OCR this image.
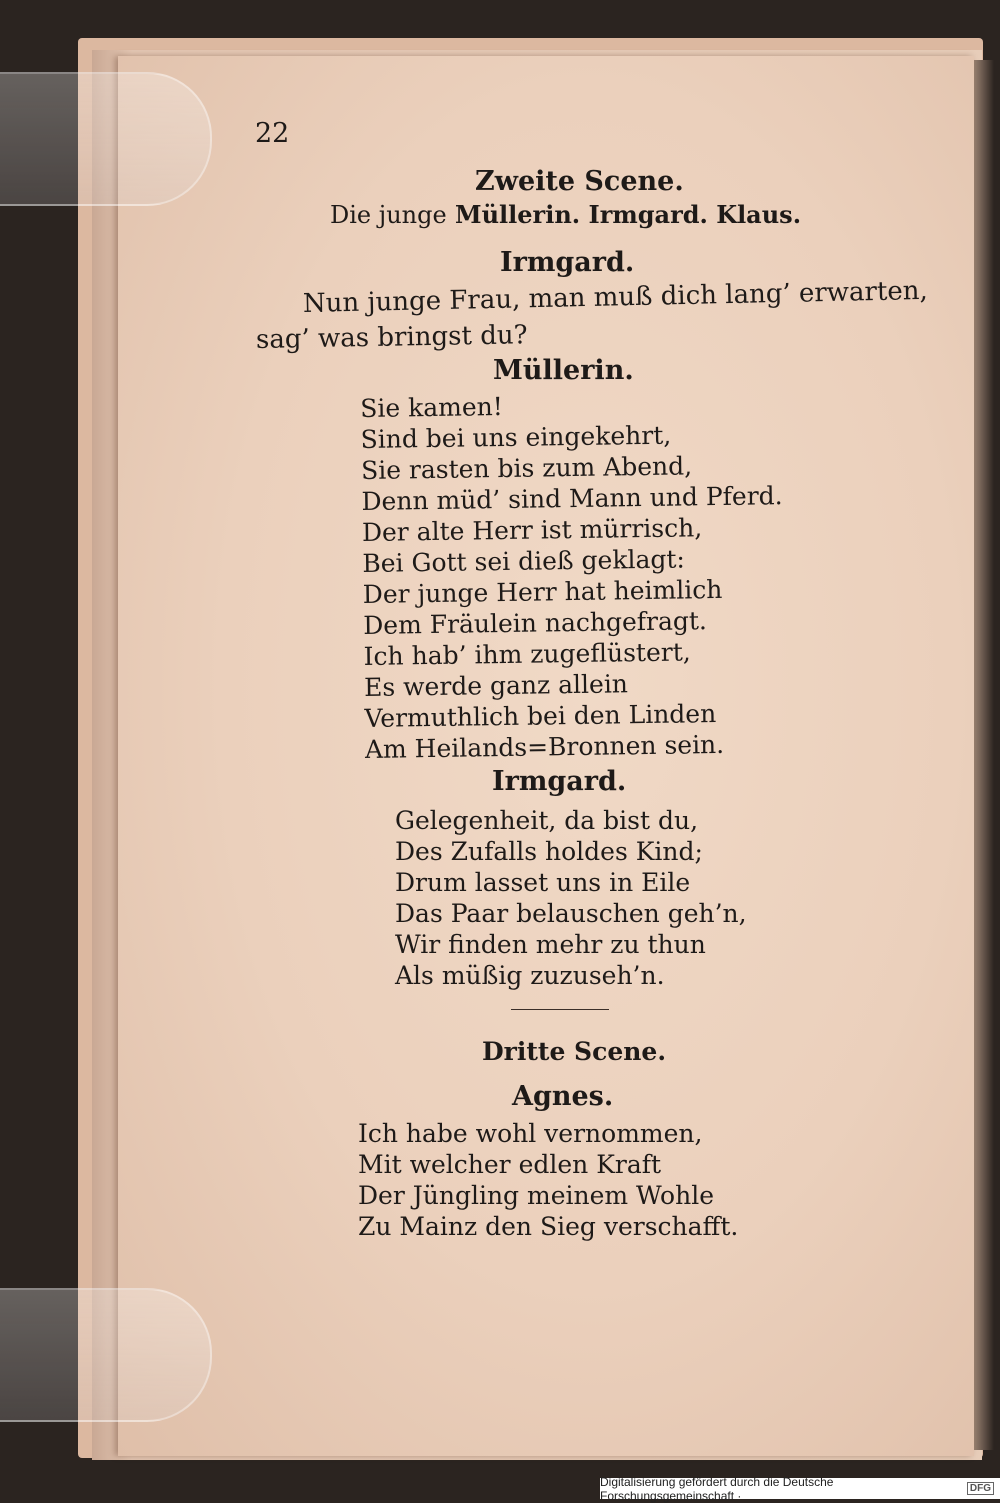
22
Zweite Scene.
Die junge Müllerin. Irmgard. Klaus.
Irmgard.
Nun junge Frau, man muß dich lang’ erwarten,
sag’ was bringst du?
Müllerin.
Sie kamen!
Sind bei uns eingekehrt,
Sie rasten bis zum Abend,
Denn müd’ sind Mann und Pferd.
Der alte Herr ist mürrisch,
Bei Gott sei dieß geklagt:
Der junge Herr hat heimlich
Dem Fräulein nachgefragt.
Ich hab’ ihm zugeflüstert,
Es werde ganz allein
Vermuthlich bei den Linden
Am Heilands=Bronnen sein.
Irmgard.
Gelegenheit, da bist du,
Des Zufalls holdes Kind;
Drum lasset uns in Eile
Das Paar belauschen geh’n,
Wir finden mehr zu thun
Als müßig zuzuseh’n.
Dritte Scene.
Agnes.
Ich habe wohl vernommen,
Mit welcher edlen Kraft
Der Jüngling meinem Wohle
Zu Mainz den Sieg verschafft.
Digitalisierung gefördert durch die Deutsche Forschungsgemeinschaft ·	DFG
